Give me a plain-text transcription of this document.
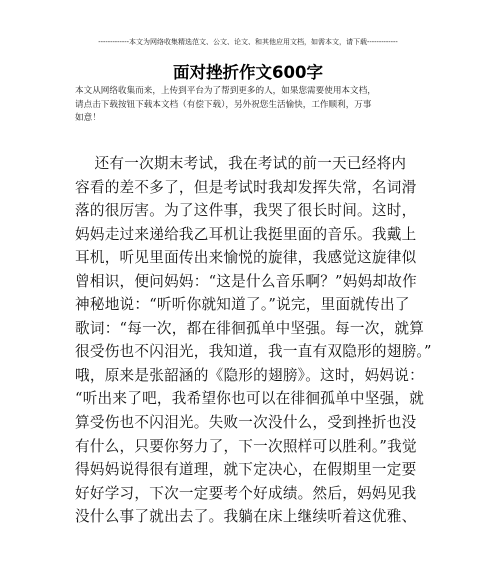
-------------本文为网络收集精选范文、公文、论文、和其他应用文档，如需本文，请下载-------------
面对挫折作文600字
本文从网络收集而来，上传到平台为了帮到更多的人，如果您需要使用本文档，
请点击下载按钮下载本文档（有偿下载），另外祝您生活愉快，工作顺利，万事
如意！
还有一次期末考试，我在考试的前一天已经将内
容看的差不多了，但是考试时我却发挥失常，名词滑
落的很厉害。为了这件事，我哭了很长时间。这时，
妈妈走过来递给我乙耳机让我挺里面的音乐。我戴上
耳机，听见里面传出来愉悦的旋律，我感觉这旋律似
曾相识，便问妈妈：“这是什么音乐啊？”妈妈却故作
神秘地说：“听听你就知道了。”说完，里面就传出了
歌词：“每一次，都在徘徊孤单中坚强。每一次，就算
很受伤也不闪泪光，我知道，我一直有双隐形的翅膀。”
哦，原来是张韶涵的《隐形的翅膀》。这时，妈妈说：
“听出来了吧，我希望你也可以在徘徊孤单中坚强，就
算受伤也不闪泪光。失败一次没什么，受到挫折也没
有什么，只要你努力了，下一次照样可以胜利。”我觉
得妈妈说得很有道理，就下定决心，在假期里一定要
好好学习，下次一定要考个好成绩。然后，妈妈见我
没什么事了就出去了。我躺在床上继续听着这优雅、
